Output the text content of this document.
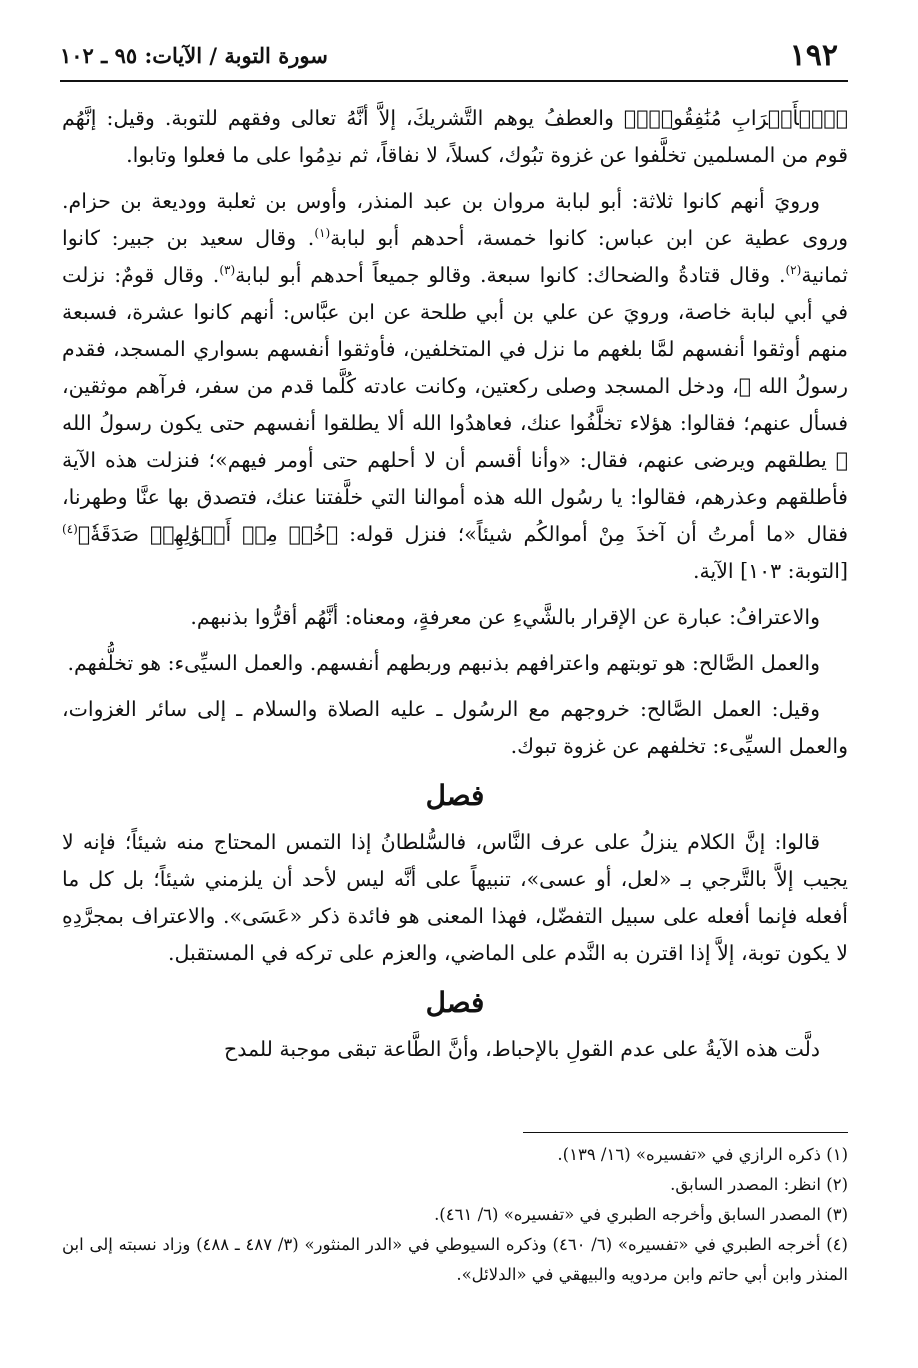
١٩٢
سورة التوبة / الآيات: ٩٥ ـ ١٠٢

﴿ٱلۡأَعۡرَابِ مُنَٰفِقُونَۖ﴾ والعطفُ يوهم التَّشريكَ، إلاَّ أنَّهُ تعالى وفقهم للتوبة. وقيل: إنَّهُم قوم من المسلمين تخلَّفوا عن غزوة تبُوك، كسلاً، لا نفاقاً، ثم ندِمُوا على ما فعلوا وتابوا.

ورويَ أنهم كانوا ثلاثة: أبو لبابة مروان بن عبد المنذر، وأوس بن ثعلبة ووديعة بن حزام. وروى عطية عن ابن عباس: كانوا خمسة، أحدهم أبو لبابة$^{(١)}$. وقال سعيد بن جبير: كانوا ثمانية$^{(٢)}$. وقال قتادةُ والضحاك: كانوا سبعة. وقالو جميعاً أحدهم أبو لبابة$^{(٣)}$. وقال قومٌ: نزلت في أبي لبابة خاصة، ورويَ عن علي بن أبي طلحة عن ابن عبَّاس: أنهم كانوا عشرة، فسبعة منهم أوثقوا أنفسهم لمَّا بلغهم ما نزل في المتخلفين، فأوثقوا أنفسهم بسواري المسجد، فقدم رسولُ الله ﷺ، ودخل المسجد وصلى ركعتين، وكانت عادته كُلَّما قدم من سفر، فرآهم موثقين، فسأل عنهم؛ فقالوا: هؤلاء تخلَّفُوا عنك، فعاهدُوا الله ألا يطلقوا أنفسهم حتى يكون رسولُ الله ﷺ يطلقهم ويرضى عنهم، فقال: «وأنا أقسم أن لا أحلهم حتى أومر فيهم»؛ فنزلت هذه الآية فأطلقهم وعذرهم، فقالوا: يا رسُول الله هذه أموالنا التي خلَّفتنا عنك، فتصدق بها عنَّا وطهرنا، فقال «ما أمرتُ أن آخذَ مِنْ أموالكُم شيئاً»؛ فنزل قوله: ﴿خُذۡ مِنۡ أَمۡوَٰلِهِمۡ صَدَقَةٗ﴾$^{(٤)}$ [التوبة: ١٠٣] الآية.

والاعترافُ: عبارة عن الإقرار بالشَّيءِ عن معرفةٍ، ومعناه: أنَّهُم أقرُّوا بذنبهم.

والعمل الصَّالح: هو توبتهم واعترافهم بذنبهم وربطهم أنفسهم. والعمل السيِّىء: هو تخلُّفهم.

وقيل: العمل الصَّالح: خروجهم مع الرسُول ـ عليه الصلاة والسلام ـ إلى سائر الغزوات، والعمل السيِّىء: تخلفهم عن غزوة تبوك.

فصل

قالوا: إنَّ الكلام ينزلُ على عرف النَّاس، فالسُّلطانُ إذا التمس المحتاج منه شيئاً؛ فإنه لا يجيب إلاَّ بالتَّرجي بـ «لعل، أو عسى»، تنبيهاً على أنَّه ليس لأحد أن يلزمني شيئاً؛ بل كل ما أفعله فإنما أفعله على سبيل التفضّل، فهذا المعنى هو فائدة ذكر «عَسَى». والاعتراف بمجرَّدِهِ لا يكون توبة، إلاَّ إذا اقترن به النَّدم على الماضي، والعزم على تركه في المستقبل.

فصل

دلَّت هذه الآيةُ على عدم القولِ بالإحباط، وأنَّ الطَّاعة تبقى موجبة للمدح

(١) ذكره الرازي في «تفسيره» (١٦/ ١٣٩).

(٢) انظر: المصدر السابق.

(٣) المصدر السابق وأخرجه الطبري في «تفسيره» (٦/ ٤٦١).

(٤) أخرجه الطبري في «تفسيره» (٦/ ٤٦٠) وذكره السيوطي في «الدر المنثور» (٣/ ٤٨٧ ـ ٤٨٨) وزاد نسبته إلى ابن المنذر وابن أبي حاتم وابن مردويه والبيهقي في «الدلائل».
